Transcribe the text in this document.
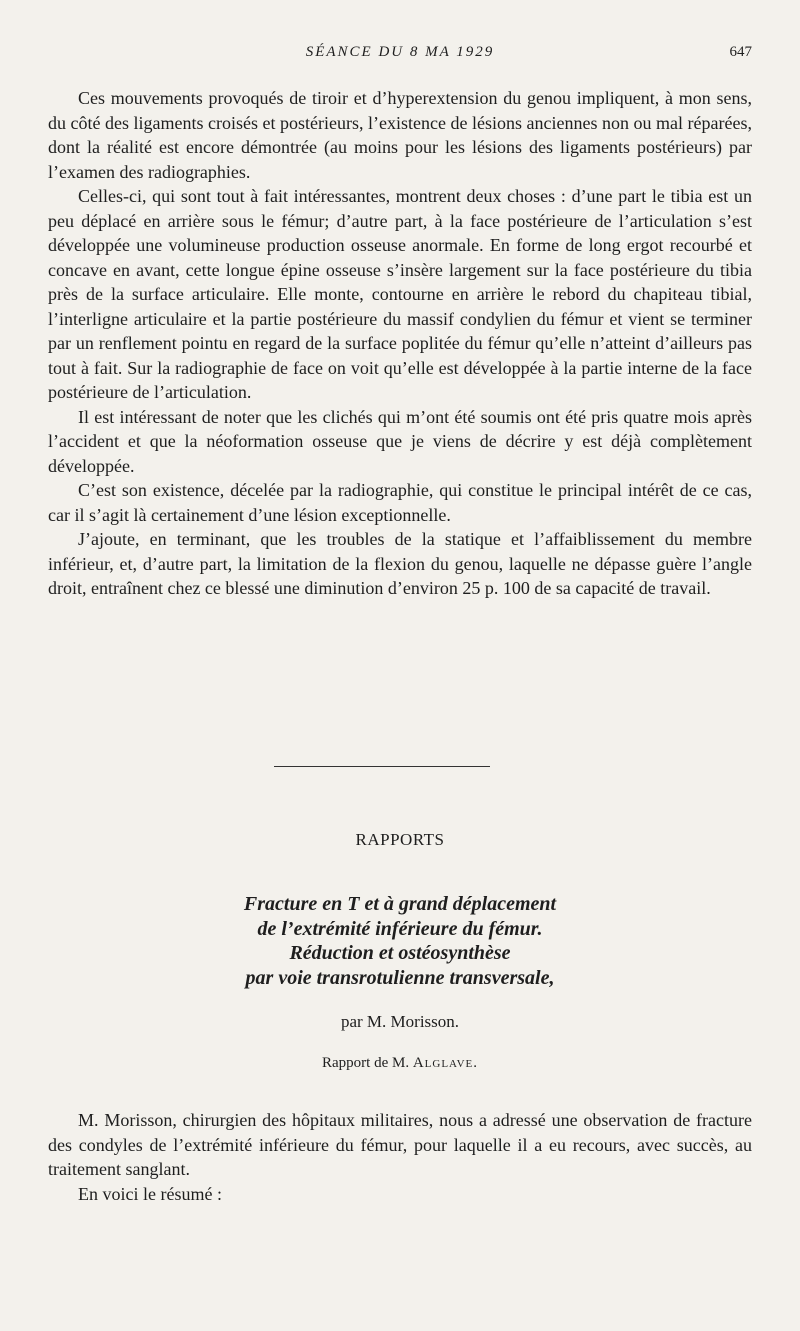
SÉANCE DU 8 MA 1929	647

Ces mouvements provoqués de tiroir et d’hyperextension du genou impliquent, à mon sens, du côté des ligaments croisés et postérieurs, l’existence de lésions anciennes non ou mal réparées, dont la réalité est encore démontrée (au moins pour les lésions des ligaments postérieurs) par l’examen des radiographies.

Celles-ci, qui sont tout à fait intéressantes, montrent deux choses : d’une part le tibia est un peu déplacé en arrière sous le fémur; d’autre part, à la face postérieure de l’articulation s’est développée une volumineuse production osseuse anormale. En forme de long ergot recourbé et concave en avant, cette longue épine osseuse s’insère largement sur la face postérieure du tibia près de la surface articulaire. Elle monte, contourne en arrière le rebord du chapiteau tibial, l’interligne articulaire et la partie postérieure du massif condylien du fémur et vient se terminer par un renflement pointu en regard de la surface poplitée du fémur qu’elle n’atteint d’ailleurs pas tout à fait. Sur la radiographie de face on voit qu’elle est développée à la partie interne de la face postérieure de l’articulation.

Il est intéressant de noter que les clichés qui m’ont été soumis ont été pris quatre mois après l’accident et que la néoformation osseuse que je viens de décrire y est déjà complètement développée.

C’est son existence, décelée par la radiographie, qui constitue le principal intérêt de ce cas, car il s’agit là certainement d’une lésion exceptionnelle.

J’ajoute, en terminant, que les troubles de la statique et l’affaiblissement du membre inférieur, et, d’autre part, la limitation de la flexion du genou, laquelle ne dépasse guère l’angle droit, entraînent chez ce blessé une diminution d’environ 25 p. 100 de sa capacité de travail.

RAPPORTS
Fracture en T et à grand déplacement
de l’extrémité inférieure du fémur.
Réduction et ostéosynthèse
par voie transrotulienne transversale,
par M. Morisson.
Rapport de M. Alglave.

M. Morisson, chirurgien des hôpitaux militaires, nous a adressé une observation de fracture des condyles de l’extrémité inférieure du fémur, pour laquelle il a eu recours, avec succès, au traitement sanglant.

En voici le résumé :
